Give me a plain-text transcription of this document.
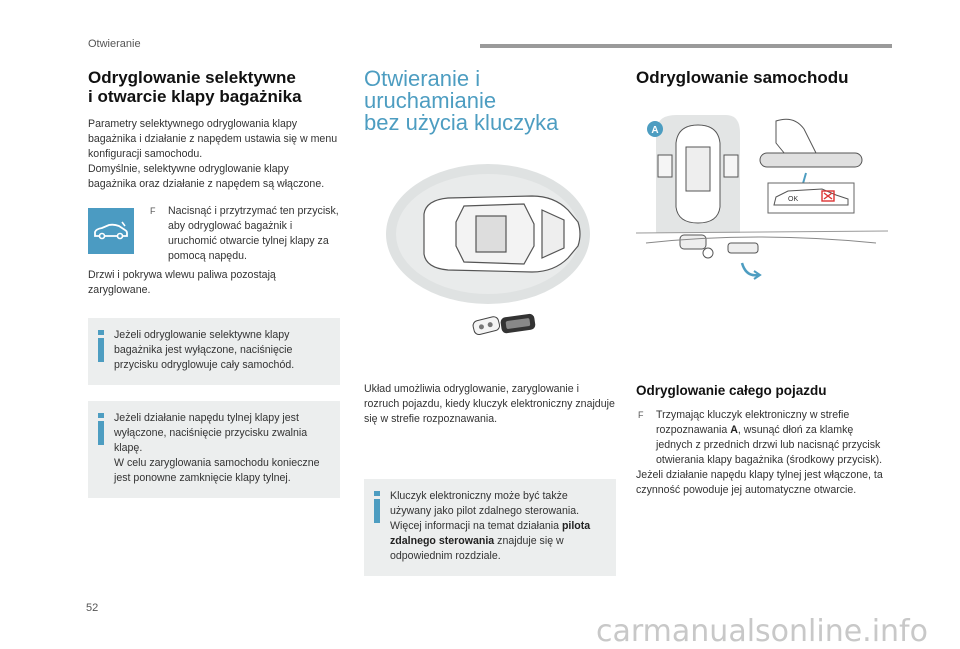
Otwieranie
Odryglowanie selektywne
i otwarcie klapy bagażnika

Parametry selektywnego odryglowania klapy bagażnika i działanie z napędem ustawia się w menu konfiguracji samochodu.

Domyślnie, selektywne odryglowanie klapy bagażnika oraz działanie z napędem są włączone.

F Nacisnąć i przytrzymać ten przycisk, aby odryglować bagażnik i uruchomić otwarcie tylnej klapy za pomocą napędu.

Drzwi i pokrywa wlewu paliwa pozostają zaryglowane.

Jeżeli odryglowanie selektywne klapy bagażnika jest wyłączone, naciśnięcie przycisku odryglowuje cały samochód.
Jeżeli działanie napędu tylnej klapy jest wyłączone, naciśnięcie przycisku zwalnia klapę.
W celu zaryglowania samochodu konieczne jest ponowne zamknięcie klapy tylnej.
Otwieranie i uruchamianie
bez użycia kluczyka

Układ umożliwia odryglowanie, zaryglowanie i rozruch pojazdu, kiedy kluczyk elektroniczny znajduje się w strefie rozpoznawania.

Kluczyk elektroniczny może być także używany jako pilot zdalnego sterowania. Więcej informacji na temat działania pilota zdalnego sterowania znajduje się w odpowiednim rozdziale.
Odryglowanie samochodu
A
OK
Odryglowanie całego pojazdu
F Trzymając kluczyk elektroniczny w strefie rozpoznawania A, wsunąć dłoń za klamkę jednych z przednich drzwi lub nacisnąć przycisk otwierania klapy bagażnika (środkowy przycisk).

Jeżeli działanie napędu klapy tylnej jest włączone, ta czynność powoduje jej automatyczne otwarcie.

52
carmanualsonline.info
